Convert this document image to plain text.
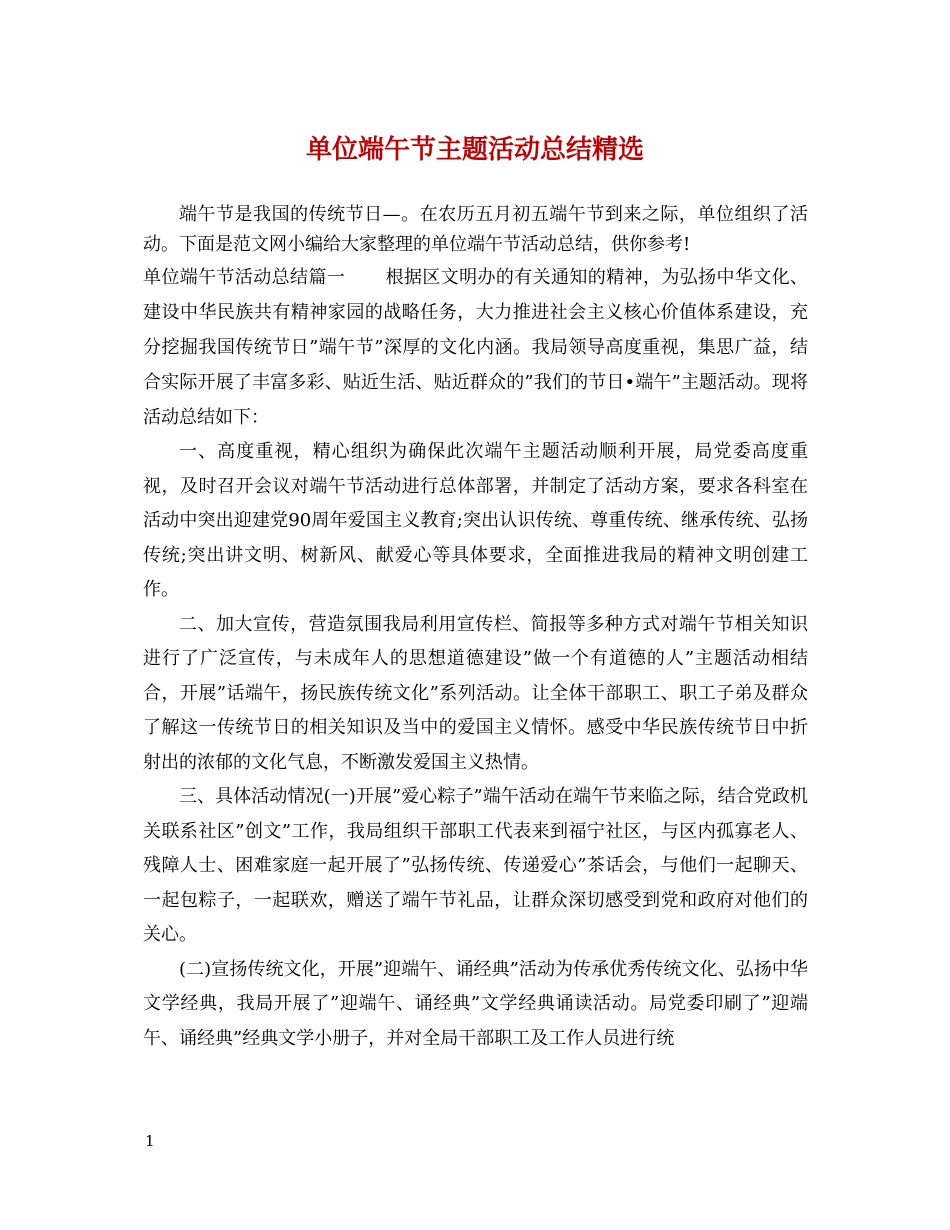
单位端午节主题活动总结精选

端午节是我国的传统节日—。在农历五月初五端午节到来之际，单位组织了活动。下面是范文网小编给大家整理的单位端午节活动总结，供你参考!

单位端午节活动总结篇一 根据区文明办的有关通知的精神，为弘扬中华文化、建设中华民族共有精神家园的战略任务，大力推进社会主义核心价值体系建设，充分挖掘我国传统节日”端午节”深厚的文化内涵。我局领导高度重视，集思广益，结合实际开展了丰富多彩、贴近生活、贴近群众的”我们的节日•端午”主题活动。现将活动总结如下：

一、高度重视，精心组织为确保此次端午主题活动顺利开展，局党委高度重视，及时召开会议对端午节活动进行总体部署，并制定了活动方案，要求各科室在活动中突出迎建党90周年爱国主义教育;突出认识传统、尊重传统、继承传统、弘扬传统;突出讲文明、树新风、献爱心等具体要求，全面推进我局的精神文明创建工作。

二、加大宣传，营造氛围我局利用宣传栏、简报等多种方式对端午节相关知识进行了广泛宣传，与未成年人的思想道德建设”做一个有道德的人”主题活动相结合，开展”话端午，扬民族传统文化”系列活动。让全体干部职工、职工子弟及群众了解这一传统节日的相关知识及当中的爱国主义情怀。感受中华民族传统节日中折射出的浓郁的文化气息，不断激发爱国主义热情。

三、具体活动情况(一)开展”爱心粽子”端午活动在端午节来临之际，结合党政机关联系社区”创文”工作，我局组织干部职工代表来到福宁社区，与区内孤寡老人、残障人士、困难家庭一起开展了”弘扬传统、传递爱心”茶话会，与他们一起聊天、一起包粽子，一起联欢，赠送了端午节礼品，让群众深切感受到党和政府对他们的关心。

(二)宣扬传统文化，开展”迎端午、诵经典”活动为传承优秀传统文化、弘扬中华文学经典，我局开展了”迎端午、诵经典”文学经典诵读活动。局党委印刷了”迎端午、诵经典”经典文学小册子，并对全局干部职工及工作人员进行统

1
